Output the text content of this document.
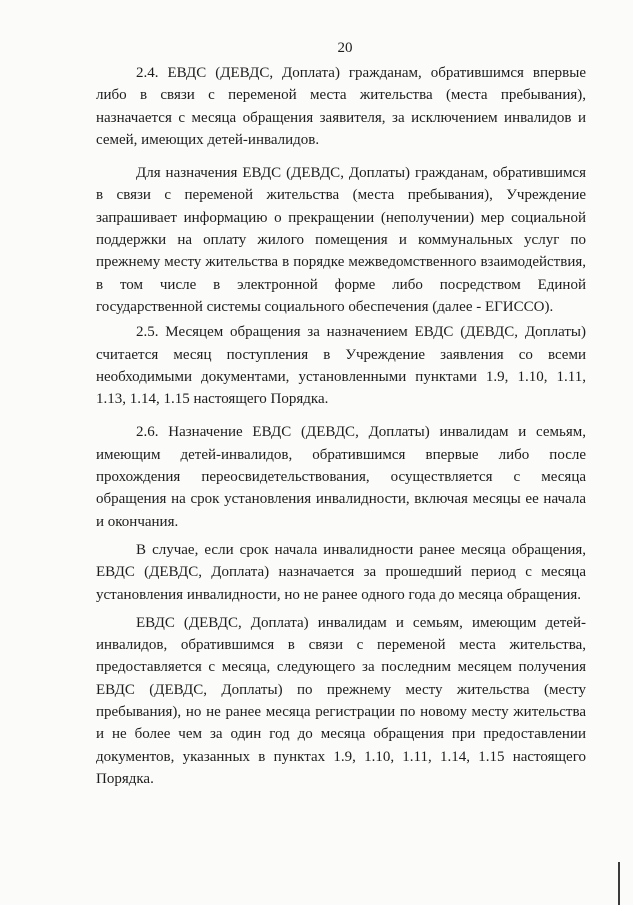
20

2.4. ЕВДС (ДЕВДС, Доплата) гражданам, обратившимся впервые либо в связи с переменой места жительства (места пребывания), назначается с месяца обращения заявителя, за исключением инвалидов и семей, имеющих детей-инвалидов.

Для назначения ЕВДС (ДЕВДС, Доплаты) гражданам, обратившимся в связи с переменой жительства (места пребывания), Учреждение запрашивает информацию о прекращении (неполучении) мер социальной поддержки на оплату жилого помещения и коммунальных услуг по прежнему месту жительства в порядке межведомственного взаимодействия, в том числе в электронной форме либо посредством Единой государственной системы социального обеспечения (далее - ЕГИССО).

2.5. Месяцем обращения за назначением ЕВДС (ДЕВДС, Доплаты) считается месяц поступления в Учреждение заявления со всеми необходимыми документами, установленными пунктами 1.9, 1.10, 1.11, 1.13, 1.14, 1.15 настоящего Порядка.

2.6. Назначение ЕВДС (ДЕВДС, Доплаты) инвалидам и семьям, имеющим детей-инвалидов, обратившимся впервые либо после прохождения переосвидетельствования, осуществляется с месяца обращения на срок установления инвалидности, включая месяцы ее начала и окончания.

В случае, если срок начала инвалидности ранее месяца обращения, ЕВДС (ДЕВДС, Доплата) назначается за прошедший период с месяца установления инвалидности, но не ранее одного года до месяца обращения.

ЕВДС (ДЕВДС, Доплата) инвалидам и семьям, имеющим детей-инвалидов, обратившимся в связи с переменой места жительства, предоставляется с месяца, следующего за последним месяцем получения ЕВДС (ДЕВДС, Доплаты) по прежнему месту жительства (месту пребывания), но не ранее месяца регистрации по новому месту жительства и не более чем за один год до месяца обращения при предоставлении документов, указанных в пунктах 1.9, 1.10, 1.11, 1.14, 1.15 настоящего Порядка.
